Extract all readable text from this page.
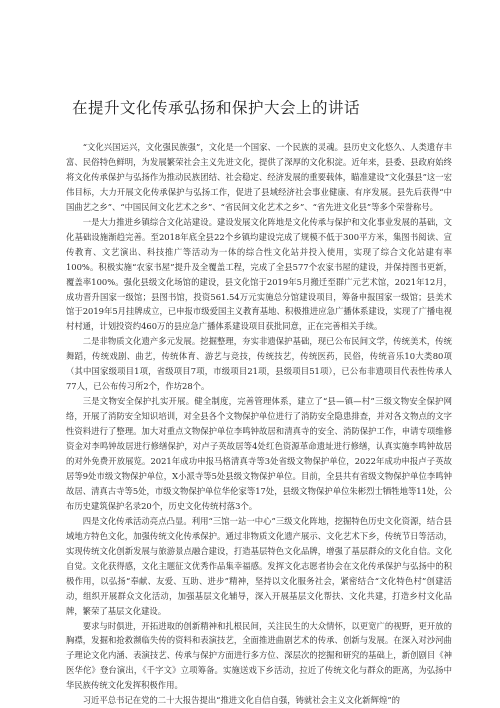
在提升文化传承弘扬和保护大会上的讲话

“文化兴国运兴，文化强民族强”，文化是一个国家、一个民族的灵魂。县历史文化悠久、人类遗存丰富、民俗特色鲜明，为发展繁荣社会主义先进文化，提供了深厚的文化积淀。近年来，县委、县政府始终将文化传承保护与弘扬作为推动民族团结、社会稳定、经济发展的重要载体，瞄准建设“文化强县”这一宏伟目标，大力开展文化传承保护与弘扬工作，促进了县域经济社会事业健康、有序发展。县先后获得“中国曲艺之乡”、“中国民间文化艺术之乡”、“省民间文化艺术之乡”、“省先进文化县”等多个荣誉称号。

一是大力推进乡镇综合文化站建设。建设发展文化阵地是文化传承与保护和文化事业发展的基础，文化基础设施渐趋完善。至2018年底全县22个乡镇均建设完成了规模不低于300平方米，集图书阅读、宣传教育、文艺演出、科技推广等活动为一体的综合性文化站并投入使用，实现了综合文化站建有率100%。积极实施“农家书屋”提升及全覆盖工程，完成了全县577个农家书屋的建设，并保持图书更新，覆盖率100%。强化县级文化场馆的建设，县文化馆于2019年5月搬迁至群广元艺术馆，2021年12月，成功晋升国家一级馆；县图书馆，投资561.54万元实施总分馆建设项目，筹备申报国家一级馆；县美术馆于2019年5月挂牌成立，已申报市级爱国主义教育基地、积极推进应急广播体系建设，实现了广播电视村村通，计划投资约460万的县应急广播体系建设项目获批同意，正在完善相关手续。

二是非物质文化遗产多元发展。挖掘整理，夯实非遗保护基础，现已公布民间文学，传统美术，传统舞蹈，传统戏剧、曲艺，传统体育、游艺与竞技，传统技艺，传统医药，民俗，传统音乐10大类80项（其中国家级项目1项，省级项目7项，市级项目21项，县级项目51项），已公布非遗项目代表性传承人77人，已公布传习所2个，作坊28个。

三是文物安全保护扎实开展。健全制度，完善管理体系，建立了“县—镇—村”三级文物安全保护网络，开展了消防安全知识培训，对全县各个文物保护单位进行了消防安全隐患排查，并对各文物点的文字性资料进行了整理。加大对重点文物保护单位李鸣钟故居和清真寺的安全、消防保护工作，申请专项维修资金对李鸣钟故居进行修缮保护，对卢子英故居等4处红色资源革命遗址进行修缮，认真实施李鸣钟故居的对外免费开放展览。2021年成功申报马格清真寺等3处省级文物保护单位，2022年成功申报卢子英故居等9处市级文物保护单位，X小派寺等5处县级文物保护单位。目前，全县共有省级文物保护单位李鸣钟故居、清真古寺等5处，市级文物保护单位华伦家等17处，县级文物保护单位朱彬烈士牺牲地等11处，公布历史建筑保护名录20个，历史文化传统村落3个。

四是文化传承活动亮点凸显。利用“三馆一站一中心”三级文化阵地，挖掘特色历史文化资源，结合县域地方特色文化，加强传统文化传承保护。通过非物质文化遗产展示、文化艺术下乡，传统节日等活动，实现传统文化创新发展与旅游景点融合建设，打造基层特色文化品牌，增强了基层群众的文化自信。文化自觉。文化获得感，文化主题征文优秀作品集幸福感。发挥文化志愿者协会在文化传承保护与弘扬中的积极作用，以弘扬“奉献、友爱、互助、进步”精神，坚持以文化服务社会，紧密结合“文化特色村”创建活动，组织开展群众文化活动，加强基层文化辅导，深入开展基层文化帮扶、文化共建，打造乡村文化品牌，繁荣了基层文化建设。

要求与时俱进，开拓进取的创新精神和扎根民间，关注民生的大众情怀，以更宽广的视野，更开放的胸襟，发掘和抢救濒临失传的资料和表演技艺，全面推进曲剧艺术的传承、创新与发展。在深入对沙河曲子理论文化内涵、表演技艺、传承与保护方面进行多方位、深层次的挖掘和研究的基础上，新创剧目《神医华佗》登台演出，《千字文》立项筹备。实施送戏下乡活动，拉近了传统文化与群众的距离，为弘扬中华民族传统文化发挥积极作用。

习近平总书记在党的二十大报告提出“推进文化自信自强，铸就社会主义文化新辉煌”的
